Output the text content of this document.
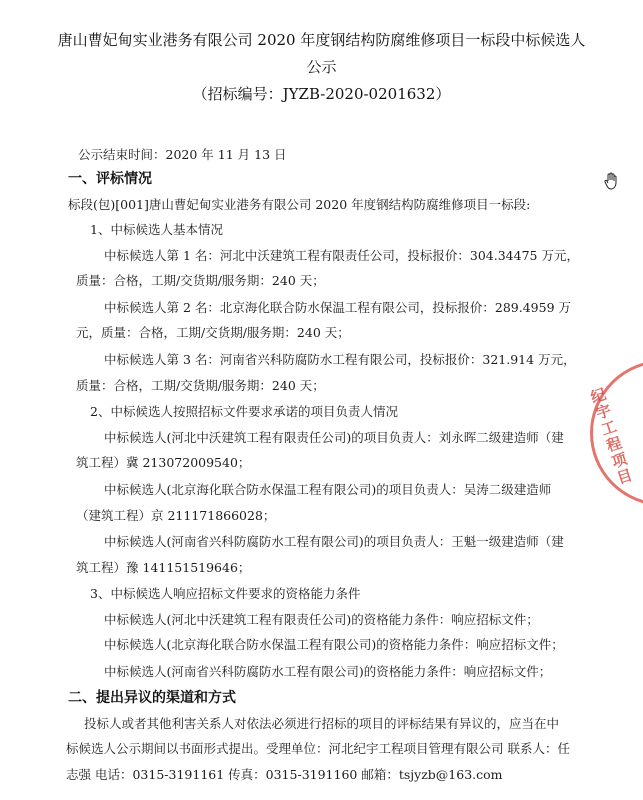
唐山曹妃甸实业港务有限公司 2020 年度钢结构防腐维修项目一标段中标候选人
公示
（招标编号：JYZB-2020-0201632）
公示结束时间：2020 年 11 月 13 日
一、评标情况
标段(包)[001]唐山曹妃甸实业港务有限公司 2020 年度钢结构防腐维修项目一标段:
1、中标候选人基本情况
中标候选人第 1 名：河北中沃建筑工程有限责任公司，投标报价：304.34475 万元，
质量：合格，工期/交货期/服务期：240 天；
中标候选人第 2 名：北京海化联合防水保温工程有限公司，投标报价：289.4959 万
元，质量：合格，工期/交货期/服务期：240 天；
中标候选人第 3 名：河南省兴科防腐防水工程有限公司，投标报价：321.914 万元，
质量：合格，工期/交货期/服务期：240 天；
2、中标候选人按照招标文件要求承诺的项目负责人情况
中标候选人(河北中沃建筑工程有限责任公司)的项目负责人：刘永晖二级建造师（建
筑工程）冀 213072009540；
中标候选人(北京海化联合防水保温工程有限公司)的项目负责人：吴涛二级建造师
（建筑工程）京 211171866028；
中标候选人(河南省兴科防腐防水工程有限公司)的项目负责人：王魁一级建造师（建
筑工程）豫 141151519646；
3、中标候选人响应招标文件要求的资格能力条件
中标候选人(河北中沃建筑工程有限责任公司)的资格能力条件：响应招标文件；
中标候选人(北京海化联合防水保温工程有限公司)的资格能力条件：响应招标文件；
中标候选人(河南省兴科防腐防水工程有限公司)的资格能力条件：响应招标文件；
二、提出异议的渠道和方式
投标人或者其他利害关系人对依法必须进行招标的项目的评标结果有异议的，应当在中
标候选人公示期间以书面形式提出。受理单位：河北纪宇工程项目管理有限公司 联系人：任
志强 电话：0315-3191161 传真：0315-3191160 邮箱：tsjyzb@163.com
纪宇工程项目
